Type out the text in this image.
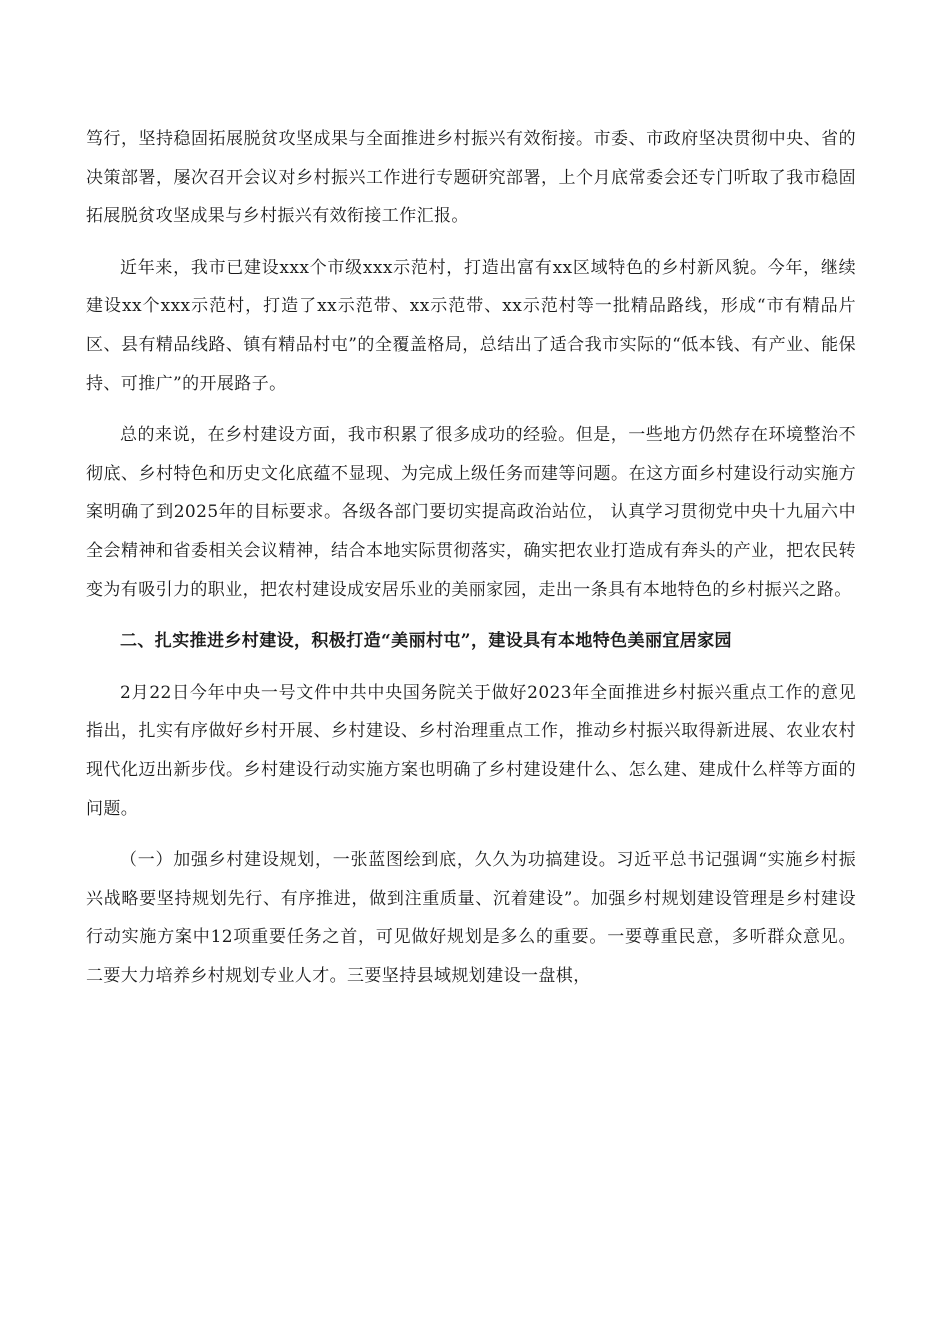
笃行，坚持稳固拓展脱贫攻坚成果与全面推进乡村振兴有效衔接。市委、市政府坚决贯彻中央、省的决策部署，屡次召开会议对乡村振兴工作进行专题研究部署，上个月底常委会还专门听取了我市稳固拓展脱贫攻坚成果与乡村振兴有效衔接工作汇报。

近年来，我市已建设xxx个市级xxx示范村，打造出富有xx区域特色的乡村新风貌。今年，继续建设xx个xxx示范村，打造了xx示范带、xx示范带、xx示范村等一批精品路线，形成“市有精品片区、县有精品线路、镇有精品村屯”的全覆盖格局，总结出了适合我市实际的“低本钱、有产业、能保持、可推广”的开展路子。

总的来说，在乡村建设方面，我市积累了很多成功的经验。但是，一些地方仍然存在环境整治不彻底、乡村特色和历史文化底蕴不显现、为完成上级任务而建等问题。在这方面乡村建设行动实施方案明确了到2025年的目标要求。各级各部门要切实提高政治站位， 认真学习贯彻党中央十九届六中全会精神和省委相关会议精神，结合本地实际贯彻落实，确实把农业打造成有奔头的产业，把农民转变为有吸引力的职业，把农村建设成安居乐业的美丽家园，走出一条具有本地特色的乡村振兴之路。

二、扎实推进乡村建设，积极打造“美丽村屯”，建设具有本地特色美丽宜居家园

2月22日今年中央一号文件中共中央国务院关于做好2023年全面推进乡村振兴重点工作的意见指出，扎实有序做好乡村开展、乡村建设、乡村治理重点工作，推动乡村振兴取得新进展、农业农村现代化迈出新步伐。乡村建设行动实施方案也明确了乡村建设建什么、怎么建、建成什么样等方面的问题。

（一）加强乡村建设规划，一张蓝图绘到底，久久为功搞建设。习近平总书记强调“实施乡村振兴战略要坚持规划先行、有序推进，做到注重质量、沉着建设”。加强乡村规划建设管理是乡村建设行动实施方案中12项重要任务之首，可见做好规划是多么的重要。一要尊重民意，多听群众意见。二要大力培养乡村规划专业人才。三要坚持县域规划建设一盘棋，
